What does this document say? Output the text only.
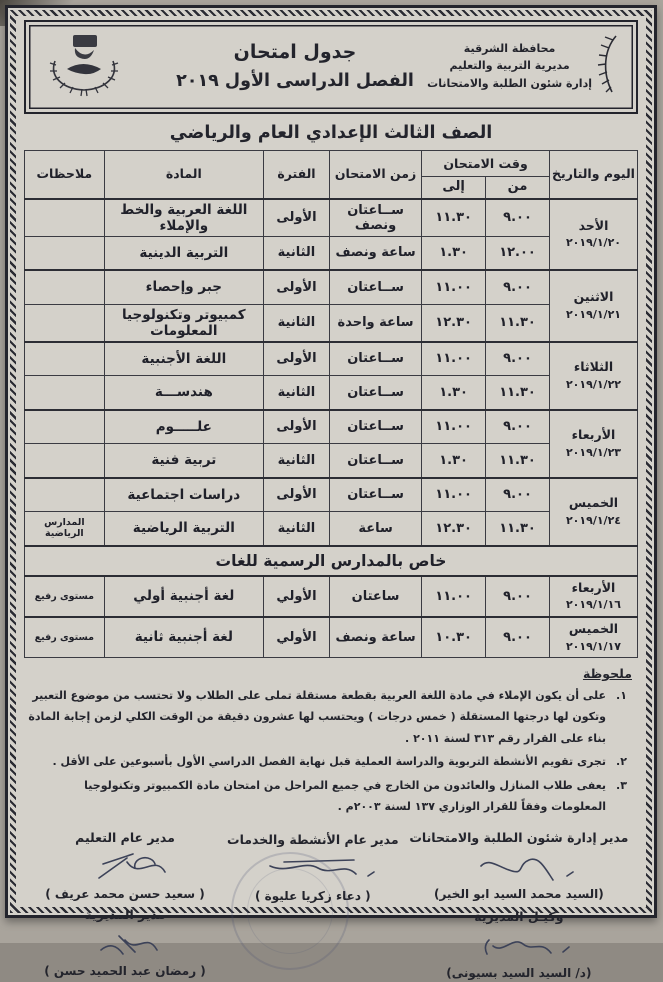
محافظة الشرقية
مديرية التربية والتعليم
إدارة شئون الطلبة والامتحانات
جدول امتحان
الفصل الدراسى الأول ٢٠١٩
الصف الثالث الإعدادي العام والرياضي
اليوم والتاريخ	وقت الامتحان		زمن الامتحان	الفترة	المادة	ملاحظات
	من	إلى				

الأحد
٢٠١٩/١/٢٠	٩.٠٠	١١.٣٠	ســاعتان ونصف	الأولى	اللغة العربية والخط والإملاء	
	١٢.٠٠	١.٣٠	ساعة ونصف	الثانية	التربية الدينية	

الاثنين
٢٠١٩/١/٢١	٩.٠٠	١١.٠٠	ســاعتان	الأولى	جبر وإحصاء	
	١١.٣٠	١٢.٣٠	ساعة واحدة	الثانية	كمبيوتر وتكنولوجيا المعلومات	

الثلاثاء
٢٠١٩/١/٢٢	٩.٠٠	١١.٠٠	ســاعتان	الأولى	اللغة الأجنبية	
	١١.٣٠	١.٣٠	ســاعتان	الثانية	هندســـة	

الأربعاء
٢٠١٩/١/٢٣	٩.٠٠	١١.٠٠	ســاعتان	الأولى	علـــــوم	
	١١.٣٠	١.٣٠	ســاعتان	الثانية	تربية فنية	

الخميس
٢٠١٩/١/٢٤	٩.٠٠	١١.٠٠	ســاعتان	الأولى	دراسات اجتماعية	
	١١.٣٠	١٢.٣٠	ساعة	الثانية	التربية الرياضية	المدارس الرياضية
خاص بالمدارس الرسمية للغات						

الأربعاء
٢٠١٩/١/١٦	٩.٠٠	١١.٠٠	ساعتان	الأولي	لغة أجنبية أولي	مستوى رفيع

الخميس
٢٠١٩/١/١٧	٩.٠٠	١٠.٣٠	ساعة ونصف	الأولي	لغة أجنبية ثانية	مستوى رفيع
ملحوظة
١.
على أن يكون الإملاء في مادة اللغة العربية بقطعة مستقلة تملى على الطلاب ولا تحتسب من موضوع التعبير وتكون لها درجتها المستقلة ( خمس درجات ) ويحتسب لها عشرون دقيقة من الوقت الكلي لزمن إجابة المادة بناء على القرار رقم ٣١٣ لسنة ٢٠١١ .
٢.
تجرى تقويم الأنشطة التربوية والدراسة العملية قبل نهاية الفصل الدراسي الأول بأسبوعين على الأقل .
٣.
يعفى طلاب المنازل والعائدون من الخارج في جميع المراحل من امتحان مادة الكمبيوتر وتكنولوجيا المعلومات وفقاً للقرار الوزاري ١٣٧ لسنة ٢٠٠٣م .
مدير إدارة شئون الطلبة والامتحانات
(السيد محمد السيد ابو الخير)
وكيـل المديرية
(د/ السيد السيد بسيونى)
مدير عام الأنشطة والخدمات
( دعاء زكريا عليوة )
مدير عام التعليم
( سعيد حسن محمد عريف )
مدير المديرية
( رمضان عبد الحميد حسن )
